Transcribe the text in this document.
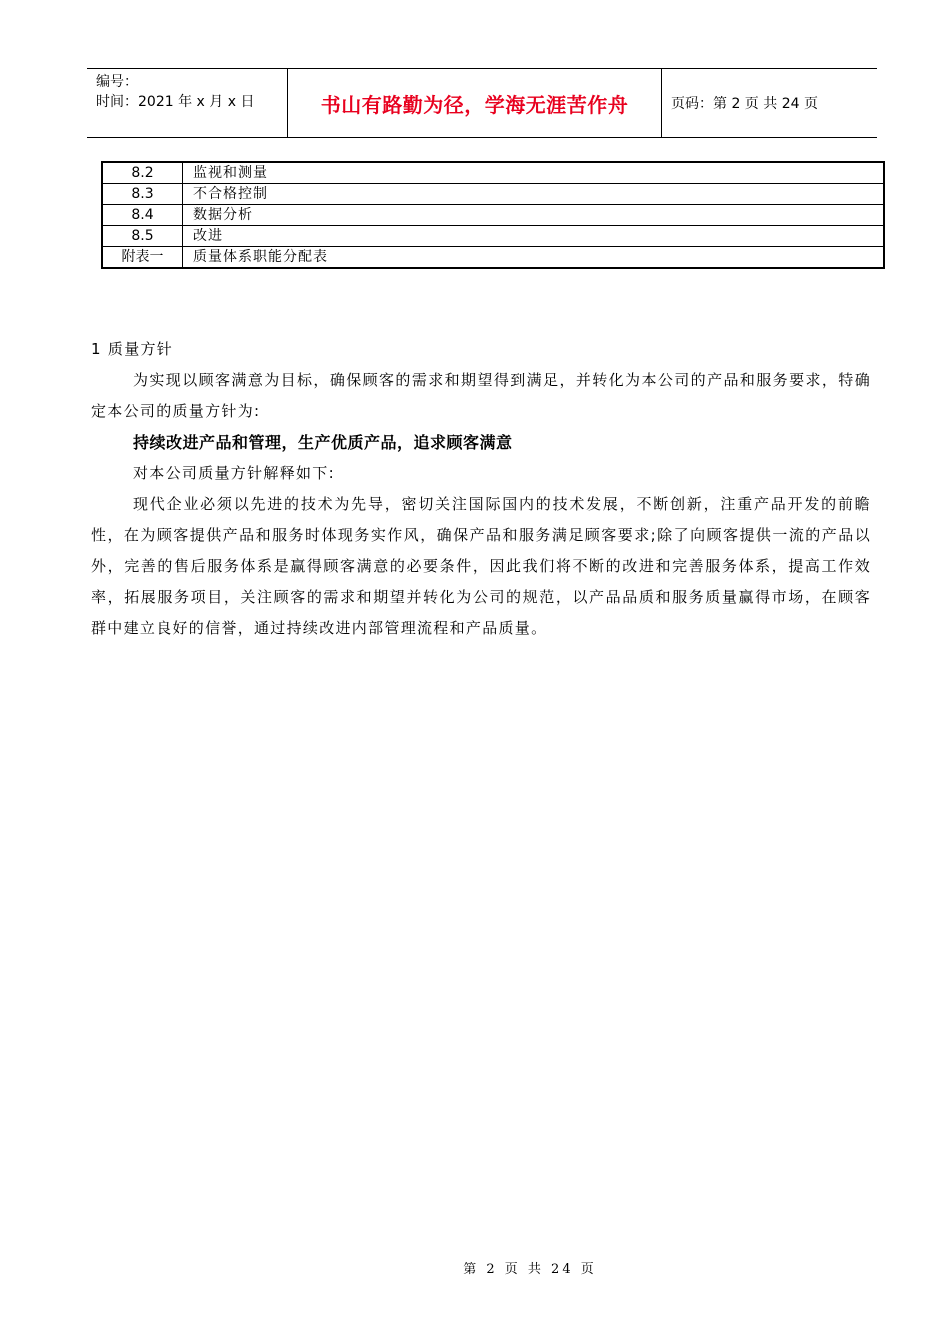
编号：
时间：2021 年 x 月 x 日	书山有路勤为径，学海无涯苦作舟	页码：第 2 页 共 24 页
8.2	监视和测量
8.3	不合格控制
8.4	数据分析
8.5	改进
附表一	质量体系职能分配表
1 质量方针

为实现以顾客满意为目标，确保顾客的需求和期望得到满足，并转化为本公司的产品和服务要求，特确定本公司的质量方针为:

持续改进产品和管理，生产优质产品，追求顾客满意

对本公司质量方针解释如下:

现代企业必须以先进的技术为先导，密切关注国际国内的技术发展，不断创新，注重产品开发的前瞻性，在为顾客提供产品和服务时体现务实作风，确保产品和服务满足顾客要求;除了向顾客提供一流的产品以外，完善的售后服务体系是赢得顾客满意的必要条件，因此我们将不断的改进和完善服务体系，提高工作效率，拓展服务项目，关注顾客的需求和期望并转化为公司的规范，以产品品质和服务质量赢得市场，在顾客群中建立良好的信誉，通过持续改进内部管理流程和产品质量。

第 2 页 共 24 页
